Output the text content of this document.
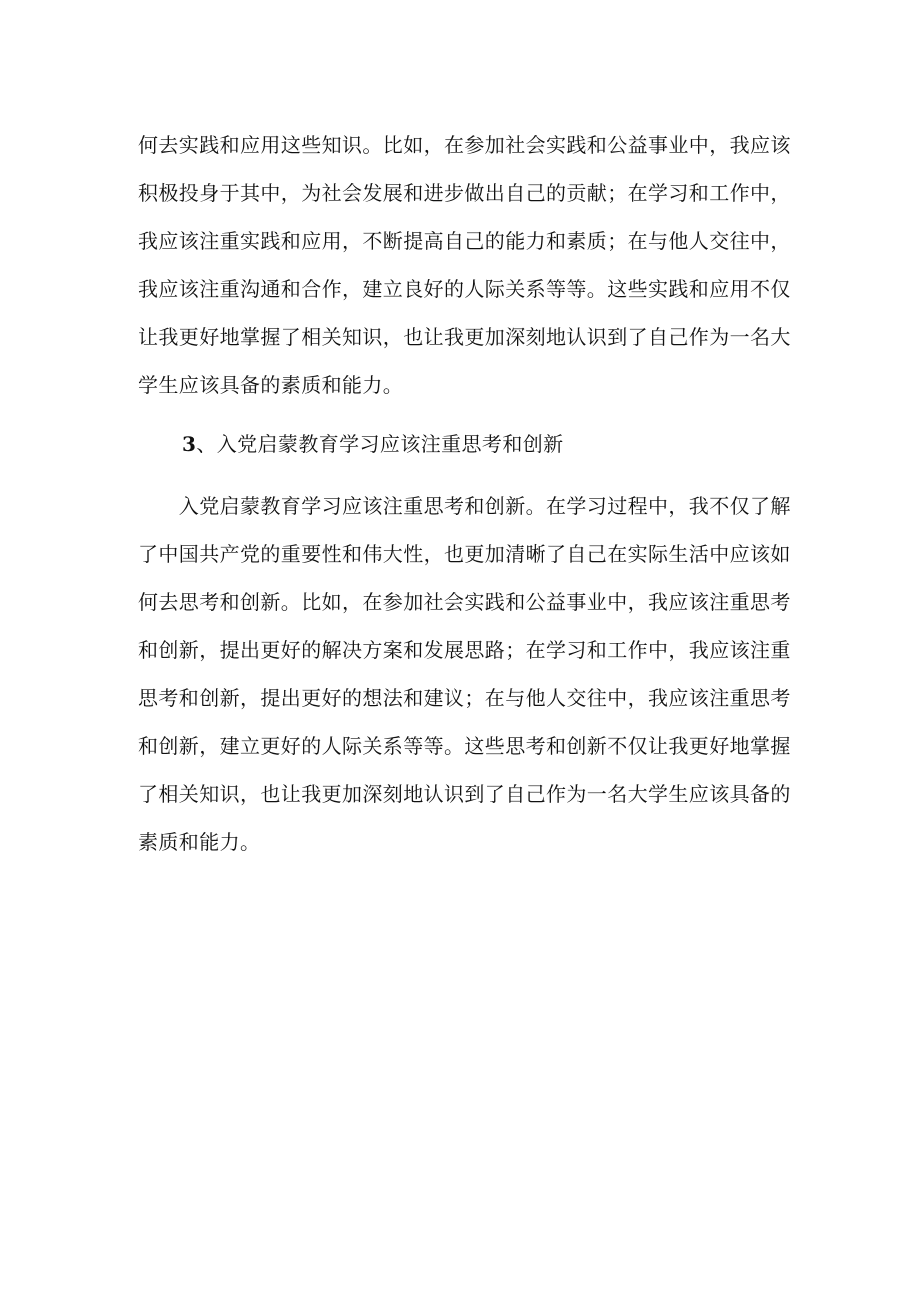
何去实践和应用这些知识。比如，在参加社会实践和公益事业中，我应该
积极投身于其中，为社会发展和进步做出自己的贡献；在学习和工作中，
我应该注重实践和应用，不断提高自己的能力和素质；在与他人交往中，
我应该注重沟通和合作，建立良好的人际关系等等。这些实践和应用不仅
让我更好地掌握了相关知识，也让我更加深刻地认识到了自己作为一名大
学生应该具备的素质和能力。
3、入党启蒙教育学习应该注重思考和创新
　　入党启蒙教育学习应该注重思考和创新。在学习过程中，我不仅了解
了中国共产党的重要性和伟大性，也更加清晰了自己在实际生活中应该如
何去思考和创新。比如，在参加社会实践和公益事业中，我应该注重思考
和创新，提出更好的解决方案和发展思路；在学习和工作中，我应该注重
思考和创新，提出更好的想法和建议；在与他人交往中，我应该注重思考
和创新，建立更好的人际关系等等。这些思考和创新不仅让我更好地掌握
了相关知识，也让我更加深刻地认识到了自己作为一名大学生应该具备的
素质和能力。
